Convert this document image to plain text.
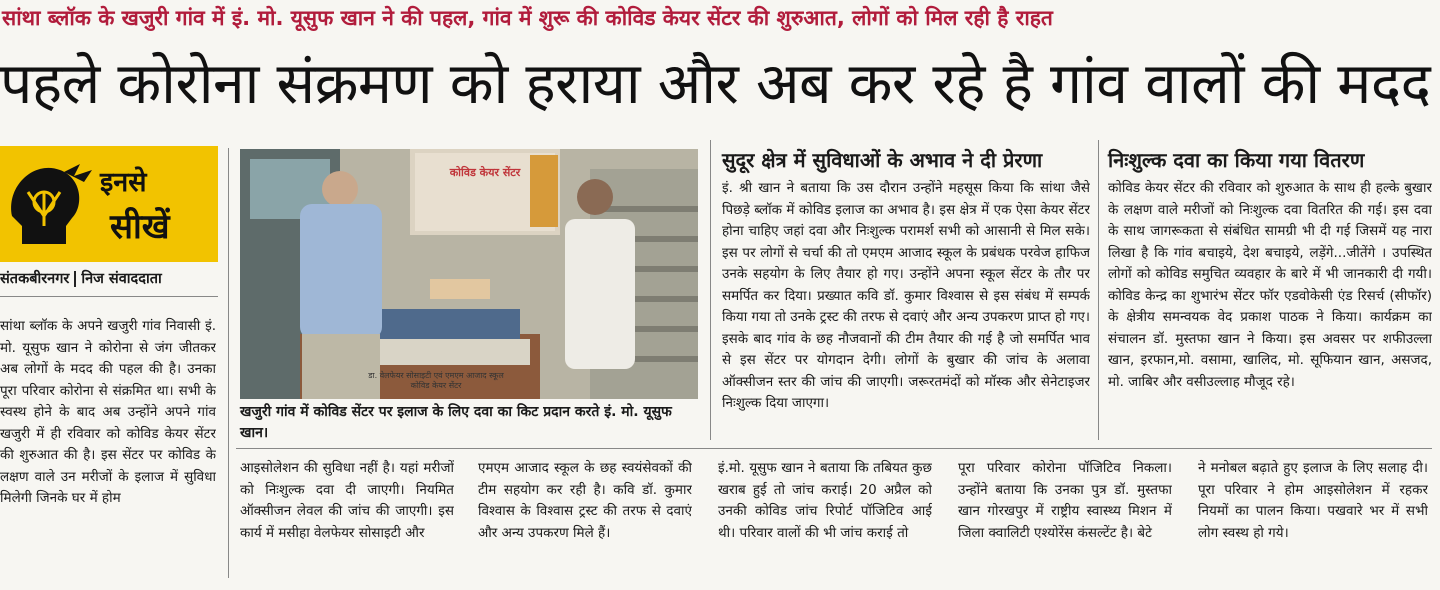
सांथा ब्लॉक के खजुरी गांव में इं. मो. यूसुफ खान ने की पहल, गांव में शुरू की कोविड केयर सेंटर की शुरुआत, लोगों को मिल रही है राहत
पहले कोरोना संक्रमण को हराया और अब कर रहे है गांव वालों की मदद
इनसे
सीखें
संतकबीरनगर निज संवाददाता

सांथा ब्लॉक के अपने खजुरी गांव निवासी इं. मो. यूसुफ खान ने कोरोना से जंग जीतकर अब लोगों के मदद की पहल की है। उनका पूरा परिवार कोरोना से संक्रमित था। सभी के स्वस्थ होने के बाद अब उन्होंने अपने गांव खजुरी में ही रविवार को कोविड केयर सेंटर की शुरुआत की है। इस सेंटर पर कोविड के लक्षण वाले उन मरीजों के इलाज में सुविधा मिलेगी जिनके घर में होम

कोविड केयर सेंटर
डा. वेलफेयर सोसाइटी एवं एमएम आजाद स्कूल
कोविड केयर सेंटर
खजुरी गांव में कोविड सेंटर पर इलाज के लिए दवा का किट प्रदान करते इं. मो. यूसुफ खान।
सुदूर क्षेत्र में सुविधाओं के अभाव ने दी प्रेरणा

इं. श्री खान ने बताया कि उस दौरान उन्होंने महसूस किया कि सांथा जैसे पिछड़े ब्लॉक में कोविड इलाज का अभाव है। इस क्षेत्र में एक ऐसा केयर सेंटर होना चाहिए जहां दवा और निःशुल्क परामर्श सभी को आसानी से मिल सके। इस पर लोगों से चर्चा की तो एमएम आजाद स्कूल के प्रबंधक परवेज हाफिज उनके सहयोग के लिए तैयार हो गए। उन्होंने अपना स्कूल सेंटर के तौर पर समर्पित कर दिया। प्रख्यात कवि डॉ. कुमार विश्वास से इस संबंध में सम्पर्क किया गया तो उनके ट्रस्ट की तरफ से दवाएं और अन्य उपकरण प्राप्त हो गए। इसके बाद गांव के छह नौजवानों की टीम तैयार की गई है जो समर्पित भाव से इस सेंटर पर योगदान देगी। लोगों के बुखार की जांच के अलावा ऑक्सीजन स्तर की जांच की जाएगी। जरूरतमंदों को मॉस्क और सेनेटाइजर निःशुल्क दिया जाएगा।

निःशुल्क दवा का किया गया वितरण

कोविड केयर सेंटर की रविवार को शुरुआत के साथ ही हल्के बुखार के लक्षण वाले मरीजों को निःशुल्क दवा वितरित की गई। इस दवा के साथ जागरूकता से संबंधित सामग्री भी दी गई जिसमें यह नारा लिखा है कि गांव बचाइये, देश बचाइये, लड़ेंगे...जीतेंगे । उपस्थित लोगों को कोविड समुचित व्यवहार के बारे में भी जानकारी दी गयी। कोविड केन्द्र का शुभारंभ सेंटर फॉर एडवोकेसी एंड रिसर्च (सीफॉर) के क्षेत्रीय समन्वयक वेद प्रकाश पाठक ने किया। कार्यक्रम का संचालन डॉ. मुस्तफा खान ने किया। इस अवसर पर शफीउल्ला खान, इरफान,मो. वसामा, खालिद, मो. सूफियान खान, असजद, मो. जाबिर और वसीउल्लाह मौजूद रहे।

आइसोलेशन की सुविधा नहीं है। यहां मरीजों को निःशुल्क दवा दी जाएगी। नियमित ऑक्सीजन लेवल की जांच की जाएगी। इस कार्य में मसीहा वेलफेयर सोसाइटी और

एमएम आजाद स्कूल के छह स्वयंसेवकों की टीम सहयोग कर रही है। कवि डॉ. कुमार विश्वास के विश्वास ट्रस्ट की तरफ से दवाएं और अन्य उपकरण मिले हैं।

इं.मो. यूसुफ खान ने बताया कि तबियत कुछ खराब हुई तो जांच कराई। 20 अप्रैल को उनकी कोविड जांच रिपोर्ट पॉजिटिव आई थी। परिवार वालों की भी जांच कराई तो

पूरा परिवार कोरोना पॉजिटिव निकला। उन्होंने बताया कि उनका पुत्र डॉ. मुस्तफा खान गोरखपुर में राष्ट्रीय स्वास्थ्य मिशन में जिला क्वालिटी एश्योरेंस कंसल्टेंट है। बेटे

ने मनोबल बढ़ाते हुए इलाज के लिए सलाह दी। पूरा परिवार ने होम आइसोलेशन में रहकर नियमों का पालन किया। पखवारे भर में सभी लोग स्वस्थ हो गये।
